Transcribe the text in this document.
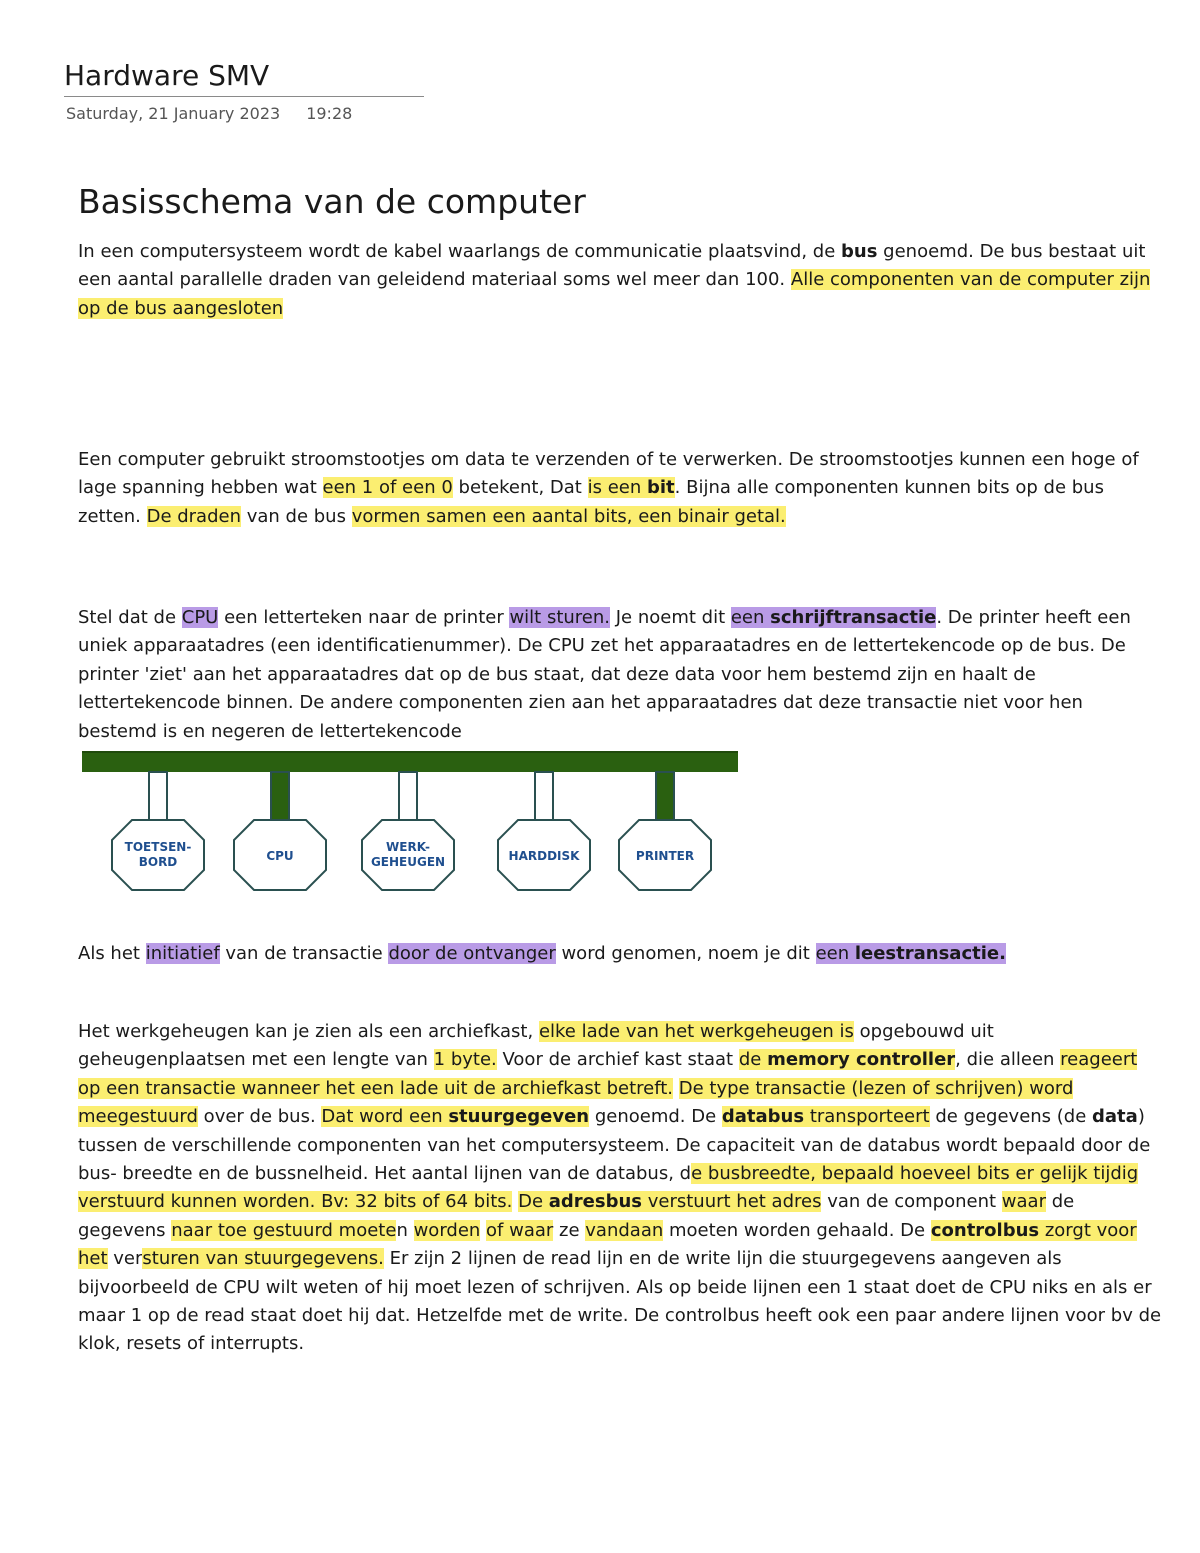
Hardware SMV
Saturday, 21 January 2023 19:28
Basisschema van de computer

In een computersysteem wordt de kabel waarlangs de communicatie plaatsvind, de bus genoemd. De bus bestaat uit een aantal parallelle draden van geleidend materiaal soms wel meer dan 100. Alle componenten van de computer zijn op de bus aangesloten

Een computer gebruikt stroomstootjes om data te verzenden of te verwerken. De stroomstootjes kunnen een hoge of lage spanning hebben wat een 1 of een 0 betekent, Dat is een bit. Bijna alle componenten kunnen bits op de bus zetten. De draden van de bus vormen samen een aantal bits, een binair getal.

Stel dat de CPU een letterteken naar de printer wilt sturen. Je noemt dit een schrijftransactie. De printer heeft een uniek apparaatadres (een identificatienummer). De CPU zet het apparaatadres en de lettertekencode op de bus. De printer 'ziet' aan het apparaatadres dat op de bus staat, dat deze data voor hem bestemd zijn en haalt de lettertekencode binnen. De andere componenten zien aan het apparaatadres dat deze transactie niet voor hen bestemd is en negeren de lettertekencode

TOETSEN-
BORD	CPU
WERK-
GEHEUGEN	HARDDISK	PRINTER

Als het initiatief van de transactie door de ontvanger word genomen, noem je dit een leestransactie.

Het werkgeheugen kan je zien als een archiefkast, elke lade van het werkgeheugen is opgebouwd uit geheugenplaatsen met een lengte van 1 byte. Voor de archief kast staat de memory controller, die alleen reageert op een transactie wanneer het een lade uit de archiefkast betreft. De type transactie (lezen of schrijven) word meegestuurd over de bus. Dat word een stuurgegeven genoemd. De databus transporteert de gegevens (de data) tussen de verschillende componenten van het computersysteem. De capaciteit van de databus wordt bepaald door de bus- breedte en de bussnelheid. Het aantal lijnen van de databus, de busbreedte, bepaald hoeveel bits er gelijk tijdig verstuurd kunnen worden. Bv: 32 bits of 64 bits. De adresbus verstuurt het adres van de component waar de gegevens naar toe gestuurd moeten worden of waar ze vandaan moeten worden gehaald. De controlbus zorgt voor het versturen van stuurgegevens. Er zijn 2 lijnen de read lijn en de write lijn die stuurgegevens aangeven als bijvoorbeeld de CPU wilt weten of hij moet lezen of schrijven. Als op beide lijnen een 1 staat doet de CPU niks en als er maar 1 op de read staat doet hij dat. Hetzelfde met de write. De controlbus heeft ook een paar andere lijnen voor bv de klok, resets of interrupts.
